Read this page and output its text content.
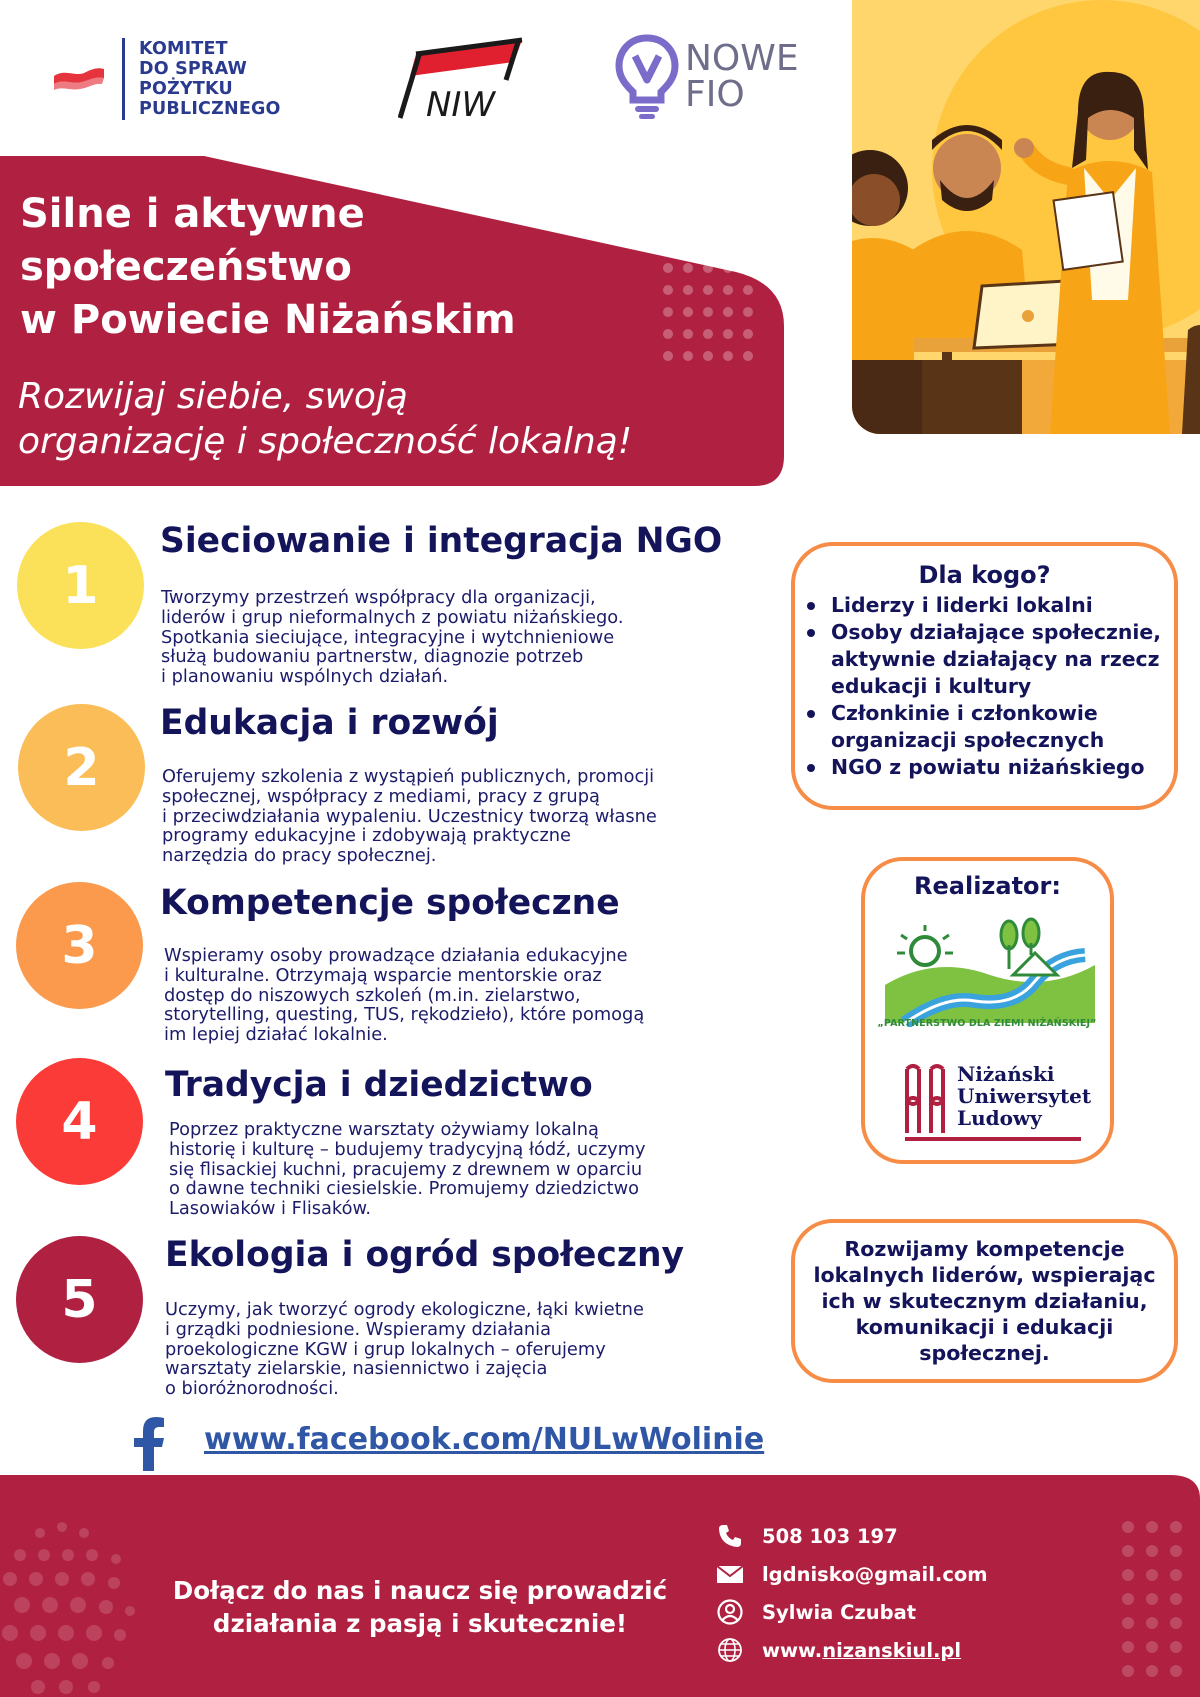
KOMITET
DO SPRAW
POŻYTKU
PUBLICZNEGO	NIW
NOWE
FIO
Silne i aktywne
społeczeństwo
w Powiecie Niżańskim
Rozwijaj siebie, swoją
organizację i społeczność lokalną!
1
Sieciowanie i integracja NGO

Tworzymy przestrzeń współpracy dla organizacji,
liderów i grup nieformalnych z powiatu niżańskiego.
Spotkania sieciujące, integracyjne i wytchnieniowe
służą budowaniu partnerstw, diagnozie potrzeb
i planowaniu wspólnych działań.

2
Edukacja i rozwój

Oferujemy szkolenia z wystąpień publicznych, promocji
społecznej, współpracy z mediami, pracy z grupą
i przeciwdziałania wypaleniu. Uczestnicy tworzą własne
programy edukacyjne i zdobywają praktyczne
narzędzia do pracy społecznej.

3
Kompetencje społeczne

Wspieramy osoby prowadzące działania edukacyjne
i kulturalne. Otrzymają wsparcie mentorskie oraz
dostęp do niszowych szkoleń (m.in. zielarstwo,
storytelling, questing, TUS, rękodzieło), które pomogą
im lepiej działać lokalnie.

4
Tradycja i dziedzictwo

Poprzez praktyczne warsztaty ożywiamy lokalną
historię i kulturę – budujemy tradycyjną łódź, uczymy
się flisackiej kuchni, pracujemy z drewnem w oparciu
o dawne techniki ciesielskie. Promujemy dziedzictwo
Lasowiaków i Flisaków.

5
Ekologia i ogród społeczny

Uczymy, jak tworzyć ogrody ekologiczne, łąki kwietne
i grządki podniesione. Wspieramy działania
proekologiczne KGW i grup lokalnych – oferujemy
warsztaty zielarskie, nasiennictwo i zajęcia
o bioróżnorodności.

Dla kogo?
Liderzy i liderki lokalni
Osoby działające społecznie,
aktywnie działający na rzecz
edukacji i kultury
Członkinie i członkowie
organizacji społecznych
NGO z powiatu niżańskiego
Realizator:
„PARTNERSTWO DLA ZIEMI NIŻAŃSKIEJ”
Niżański
Uniwersytet
Ludowy

Rozwijamy kompetencje
lokalnych liderów, wspierając
ich w skutecznym działaniu,
komunikacji i edukacji
społecznej.

www.facebook.com/NULwWolinie
Dołącz do nas i naucz się prowadzić
działania z pasją i skutecznie!
508 103 197
lgdnisko@gmail.com
Sylwia Czubat
www.nizanskiul.pl
